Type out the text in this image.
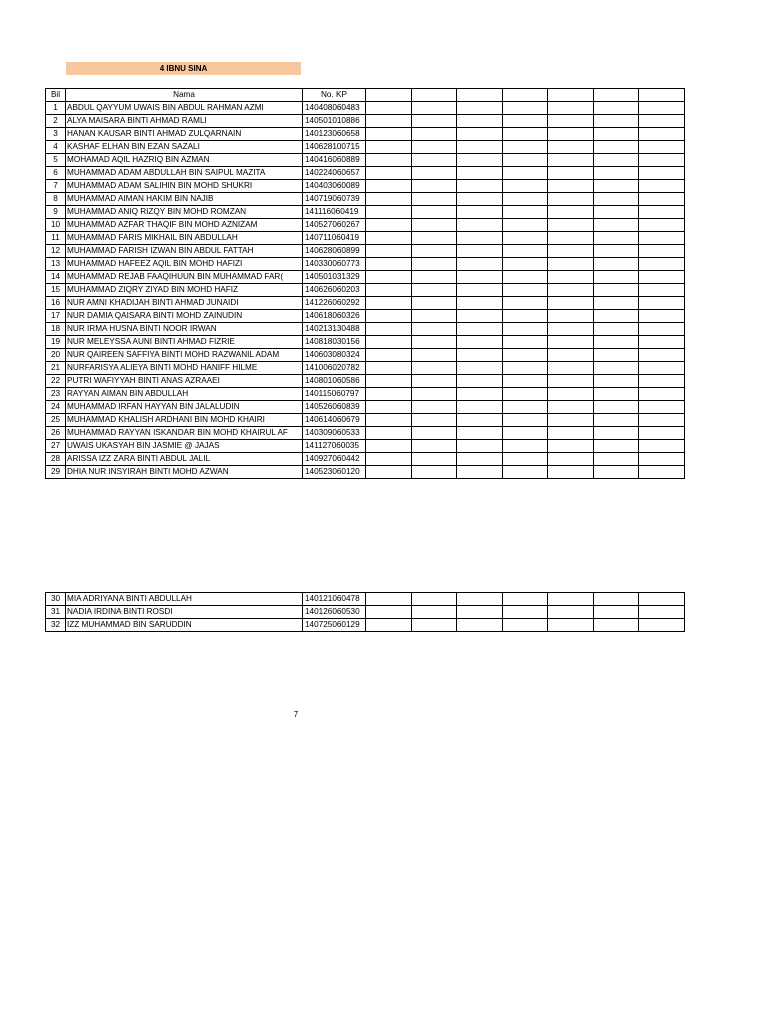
4 IBNU SINA
Bil	Nama	No. KP							
1	ABDUL QAYYUM UWAIS BIN ABDUL RAHMAN AZMI	140408060483							
2	ALYA MAISARA BINTI AHMAD RAMLI	140501010886							
3	HANAN KAUSAR BINTI AHMAD ZULQARNAIN	140123060658							
4	KASHAF ELHAN BIN EZAN SAZALI	140628100715							
5	MOHAMAD AQIL HAZRIQ BIN AZMAN	140416060889							
6	MUHAMMAD ADAM ABDULLAH BIN SAIPUL MAZITA	140224060657							
7	MUHAMMAD ADAM SALIHIN BIN MOHD SHUKRI	140403060089							
8	MUHAMMAD AIMAN HAKIM BIN NAJIB	140719060739							
9	MUHAMMAD ANIQ RIZQY BIN MOHD ROMZAN	141116060419							
10	MUHAMMAD AZFAR THAQIF BIN MOHD AZNIZAM	140527060267							
11	MUHAMMAD FARIS MIKHAIL BIN ABDULLAH	140711060419							
12	MUHAMMAD FARISH IZWAN BIN ABDUL FATTAH	140628060899							
13	MUHAMMAD HAFEEZ AQIL BIN MOHD HAFIZI	140330060773							
14	MUHAMMAD REJAB FAAQIHUUN BIN MUHAMMAD FAR(	140501031329							
15	MUHAMMAD ZIQRY ZIYAD BIN MOHD HAFIZ	140626060203							
16	NUR AMNI KHADIJAH BINTI AHMAD JUNAIDI	141226060292							
17	NUR DAMIA QAISARA BINTI MOHD ZAINUDIN	140618060326							
18	NUR IRMA HUSNA BINTI NOOR IRWAN	140213130488							
19	NUR MELEYSSA AUNI BINTI AHMAD FIZRIE	140818030156							
20	NUR QAIREEN SAFFIYA BINTI MOHD RAZWANIL ADAM	140603080324							
21	NURFARISYA ALIEYA BINTI MOHD HANIFF HILME	141006020782							
22	PUTRI WAFIYYAH BINTI ANAS AZRAAEI	140801060586							
23	RAYYAN AIMAN BIN ABDULLAH	140115060797							
24	MUHAMMAD IRFAN HAYYAN BIN JALALUDIN	140526060839							
25	MUHAMMAD KHALISH ARDHANI BIN MOHD KHAIRI	140614060679							
26	MUHAMMAD RAYYAN ISKANDAR BIN MOHD KHAIRUL AF	140309060533							
27	UWAIS UKASYAH BIN JASMIE @ JAJAS	141127060035							
28	ARISSA IZZ ZARA BINTI ABDUL JALIL	140927060442							
29	DHIA NUR INSYIRAH BINTI MOHD AZWAN	140523060120							
30	MIA ADRIYANA BINTI ABDULLAH	140121060478							
31	NADIA IRDINA BINTI ROSDI	140126060530							
32	IZZ MUHAMMAD BIN SARUDDIN	140725060129							
7
